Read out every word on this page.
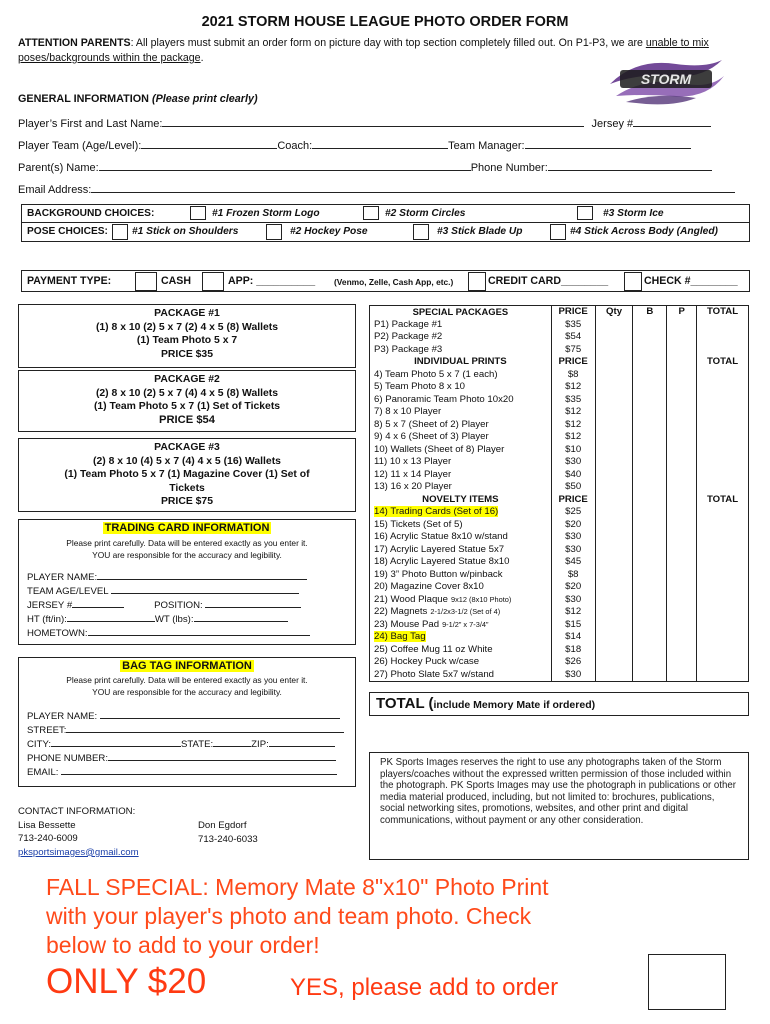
2021 STORM HOUSE LEAGUE PHOTO ORDER FORM
ATTENTION PARENTS: All players must submit an order form on picture day with top section completely filled out. On P1-P3, we are unable to mix poses/backgrounds within the package.
STORM
GENERAL INFORMATION (Please print clearly)
Player’s First and Last Name:	Jersey #
Player Team (Age/Level):	Coach:	Team Manager:
Parent(s) Name:	Phone Number:
Email Address:
BACKGROUND CHOICES:	#1 Frozen Storm Logo	#2 Storm Circles	#3 Storm Ice
POSE CHOICES: #1 Stick on Shoulders	#2 Hockey Pose	#3 Stick Blade Up	#4 Stick Across Body (Angled)
PAYMENT TYPE:	CASH	APP: __________ (Venmo, Zelle, Cash App, etc.)	CREDIT CARD________	CHECK #________
PACKAGE #1
(1) 8 x 10 (2) 5 x 7 (2) 4 x 5 (8) Wallets
(1) Team Photo 5 x 7
PRICE $35
PACKAGE #2
(2) 8 x 10 (2) 5 x 7 (4) 4 x 5 (8) Wallets
(1) Team Photo 5 x 7 (1) Set of Tickets
PRICE $54
PACKAGE #3
(2) 8 x 10 (4) 5 x 7 (4) 4 x 5 (16) Wallets
(1) Team Photo 5 x 7 (1) Magazine Cover (1) Set of
Tickets
PRICE $75
TRADING CARD INFORMATION
Please print carefully. Data will be entered exactly as you enter it.
YOU are responsible for the accuracy and legibility.
PLAYER NAME:
TEAM AGE/LEVEL
JERSEY #	POSITION:
HT (ft/in):	WT (lbs):
HOMETOWN:
BAG TAG INFORMATION
Please print carefully. Data will be entered exactly as you enter it.
YOU are responsible for the accuracy and legibility.
PLAYER NAME:
STREET:
CITY:	STATE:	ZIP:
PHONE NUMBER:
EMAIL:
CONTACT INFORMATION:
Lisa Bessette
713-240-6009
pksportsimages@gmail.com
Don Egdorf
713-240-6033
SPECIAL PACKAGES	PRICE	Qty	B	P	TOTAL
P1) Package #1	$35				
P2) Package #2	$54				
P3) Package #3	$75				
INDIVIDUAL PRINTS	PRICE				TOTAL
4) Team Photo 5 x 7 (1 each)	$8				
5) Team Photo 8 x 10	$12				
6) Panoramic Team Photo 10x20	$35				
7) 8 x 10 Player	$12				
8) 5 x 7 (Sheet of 2) Player	$12				
9) 4 x 6 (Sheet of 3) Player	$12				
10) Wallets (Sheet of 8) Player	$10				
11) 10 x 13 Player	$30				
12) 11 x 14 Player	$40				
13) 16 x 20 Player	$50				
NOVELTY ITEMS	PRICE				TOTAL
14) Trading Cards (Set of 16)	$25				
15) Tickets (Set of 5)	$20				
16) Acrylic Statue 8x10 w/stand	$30				
17) Acrylic Layered Statue 5x7	$30				
18) Acrylic Layered Statue 8x10	$45				
19) 3” Photo Button w/pinback	$8				
20) Magazine Cover 8x10	$20				
21) Wood Plaque 9x12 (8x10 Photo)	$30				
22) Magnets 2-1/2x3-1/2 (Set of 4)	$12				
23) Mouse Pad 9-1/2” x 7-3/4”	$15				
24) Bag Tag	$14				
25) Coffee Mug 11 oz White	$18				
26) Hockey Puck w/case	$26				
27) Photo Slate 5x7 w/stand	$30				
TOTAL (include Memory Mate if ordered)
PK Sports Images reserves the right to use any photographs taken of the Storm players/coaches without the expressed written permission of those included within the photograph. PK Sports Images may use the photograph in publications or other media material produced, including, but not limited to: brochures, publications, social networking sites, promotions, websites, and other print and digital communications, without payment or any other consideration.
FALL SPECIAL: Memory Mate 8"x10" Photo Print
with your player's photo and team photo. Check
below to add to your order!
ONLY $20	YES, please add to order
